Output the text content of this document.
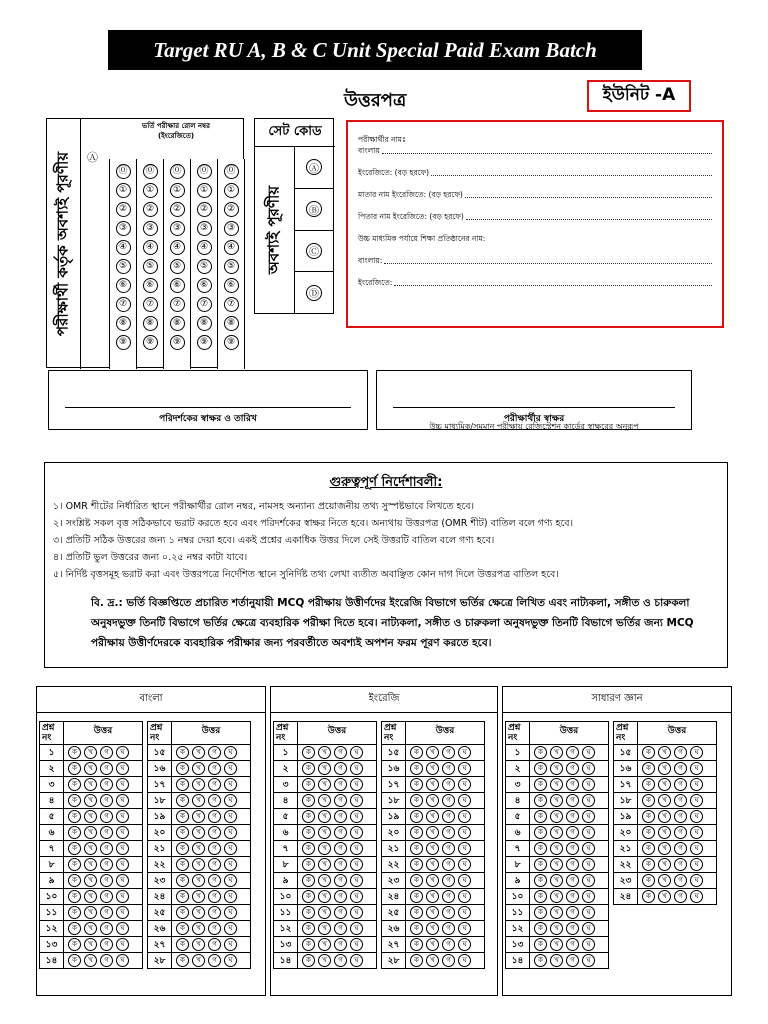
Target RU A, B & C Unit Special Paid Exam Batch
উত্তরপত্র	ইউনিট -A
পরীক্ষার্থী কর্তৃক অবশ্যই পূরণীয়
ভর্তি পরীক্ষার রোল নম্বর
(ইংরেজিতে)
Ⓐ
⓪
①
②
③
④
⑤
⑥
⑦
⑧
⑨
⓪
①
②
③
④
⑤
⑥
⑦
⑧
⑨
⓪
①
②
③
④
⑤
⑥
⑦
⑧
⑨
⓪
①
②
③
④
⑤
⑥
⑦
⑧
⑨
⓪
①
②
③
④
⑤
⑥
⑦
⑧
⑨
সেট কোড
অবশ্যই পূরণীয়
Ⓐ
Ⓑ
Ⓒ
Ⓓ
পরীক্ষার্থীর নামঃ
বাংলায়
ইংরেজিতে: (বড় হরফে)
মাতার নাম ইংরেজিতে: (বড় হরফে)
পিতার নাম ইংরেজিতে: (বড় হরফে)
উচ্চ মাধ্যমিক পর্যায়ে শিক্ষা প্রতিষ্ঠানের নাম:
বাংলায়:
ইংরেজিতে:
পরিদর্শকের স্বাক্ষর ও তারিখ	পরীক্ষার্থীর স্বাক্ষর
উচ্চ মাধ্যমিক/সমমান পরীক্ষায় রেজিস্ট্রেশন কার্ডের স্বাক্ষরের অনুরূপ
গুরুত্বপূর্ণ নির্দেশাবলী:
১। OMR শীটের নির্ধারিত স্থানে পরীক্ষার্থীর রোল নম্বর, নামসহ অন্যান্য প্রয়োজনীয় তথ্য সুস্পষ্টভাবে লিখতে হবে।
২। সংশ্লিষ্ট সকল বৃত্ত সঠিকভাবে ভরাট করতে হবে এবং পরিদর্শকের স্বাক্ষর নিতে হবে। অন্যথায় উত্তরপত্র (OMR শীট) বাতিল বলে গণ্য হবে।
৩। প্রতিটি সঠিক উত্তরের জন্য ১ নম্বর দেয়া হবে। একই প্রশ্নের একাধিক উত্তর দিলে সেই উত্তরটি বাতিল বলে গণ্য হবে।
৪। প্রতিটি ভুল উত্তরের জন্য ০.২৫ নম্বর কাটা যাবে।
৫। নির্দিষ্ট বৃত্তসমূহ ভরাট করা এবং উত্তরপত্রে নির্দেশিত স্থানে সুনির্দিষ্ট তথ্য লেখা ব্যতীত অবাঞ্ছিত কোন দাগ দিলে উত্তরপত্র বাতিল হবে।
বি. দ্র.: ভর্তি বিজ্ঞপ্তিতে প্রচারিত শর্তানুযায়ী MCQ পরীক্ষায় উত্তীর্ণদের ইংরেজি বিভাগে ভর্তির ক্ষেত্রে লিখিত এবং নাট্যকলা, সঙ্গীত ও চারুকলা অনুষদভুক্ত তিনটি বিভাগে ভর্তির ক্ষেত্রে ব্যবহারিক পরীক্ষা দিতে হবে। নাট্যকলা, সঙ্গীত ও চারুকলা অনুষদভুক্ত তিনটি বিভাগে ভর্তির জন্য MCQ পরীক্ষায় উত্তীর্ণদেরকে ব্যবহারিক পরীক্ষার জন্য পরবর্তীতে অবশ্যই অপশন ফরম পূরণ করতে হবে।
বাংলা
প্রশ্ন
নং
উত্তর
১	ক	খ	গ	ঘ
২	ক	খ	গ	ঘ
৩	ক	খ	গ	ঘ
৪	ক	খ	গ	ঘ
৫	ক	খ	গ	ঘ
৬	ক	খ	গ	ঘ
৭	ক	খ	গ	ঘ
৮	ক	খ	গ	ঘ
৯	ক	খ	গ	ঘ
১০	ক	খ	গ	ঘ
১১	ক	খ	গ	ঘ
১২	ক	খ	গ	ঘ
১৩	ক	খ	গ	ঘ
১৪	ক	খ	গ	ঘ
প্রশ্ন
নং
উত্তর
১৫	ক	খ	গ	ঘ
১৬	ক	খ	গ	ঘ
১৭	ক	খ	গ	ঘ
১৮	ক	খ	গ	ঘ
১৯	ক	খ	গ	ঘ
২০	ক	খ	গ	ঘ
২১	ক	খ	গ	ঘ
২২	ক	খ	গ	ঘ
২৩	ক	খ	গ	ঘ
২৪	ক	খ	গ	ঘ
২৫	ক	খ	গ	ঘ
২৬	ক	খ	গ	ঘ
২৭	ক	খ	গ	ঘ
২৮	ক	খ	গ	ঘ
ইংরেজি
প্রশ্ন
নং
উত্তর
১	ক	খ	গ	ঘ
২	ক	খ	গ	ঘ
৩	ক	খ	গ	ঘ
৪	ক	খ	গ	ঘ
৫	ক	খ	গ	ঘ
৬	ক	খ	গ	ঘ
৭	ক	খ	গ	ঘ
৮	ক	খ	গ	ঘ
৯	ক	খ	গ	ঘ
১০	ক	খ	গ	ঘ
১১	ক	খ	গ	ঘ
১২	ক	খ	গ	ঘ
১৩	ক	খ	গ	ঘ
১৪	ক	খ	গ	ঘ
প্রশ্ন
নং
উত্তর
১৫	ক	খ	গ	ঘ
১৬	ক	খ	গ	ঘ
১৭	ক	খ	গ	ঘ
১৮	ক	খ	গ	ঘ
১৯	ক	খ	গ	ঘ
২০	ক	খ	গ	ঘ
২১	ক	খ	গ	ঘ
২২	ক	খ	গ	ঘ
২৩	ক	খ	গ	ঘ
২৪	ক	খ	গ	ঘ
২৫	ক	খ	গ	ঘ
২৬	ক	খ	গ	ঘ
২৭	ক	খ	গ	ঘ
২৮	ক	খ	গ	ঘ
সাধারণ জ্ঞান
প্রশ্ন
নং
উত্তর
১	ক	খ	গ	ঘ
২	ক	খ	গ	ঘ
৩	ক	খ	গ	ঘ
৪	ক	খ	গ	ঘ
৫	ক	খ	গ	ঘ
৬	ক	খ	গ	ঘ
৭	ক	খ	গ	ঘ
৮	ক	খ	গ	ঘ
৯	ক	খ	গ	ঘ
১০	ক	খ	গ	ঘ
১১	ক	খ	গ	ঘ
১২	ক	খ	গ	ঘ
১৩	ক	খ	গ	ঘ
১৪	ক	খ	গ	ঘ
প্রশ্ন
নং
উত্তর
১৫	ক	খ	গ	ঘ
১৬	ক	খ	গ	ঘ
১৭	ক	খ	গ	ঘ
১৮	ক	খ	গ	ঘ
১৯	ক	খ	গ	ঘ
২০	ক	খ	গ	ঘ
২১	ক	খ	গ	ঘ
২২	ক	খ	গ	ঘ
২৩	ক	খ	গ	ঘ
২৪	ক	খ	গ	ঘ
